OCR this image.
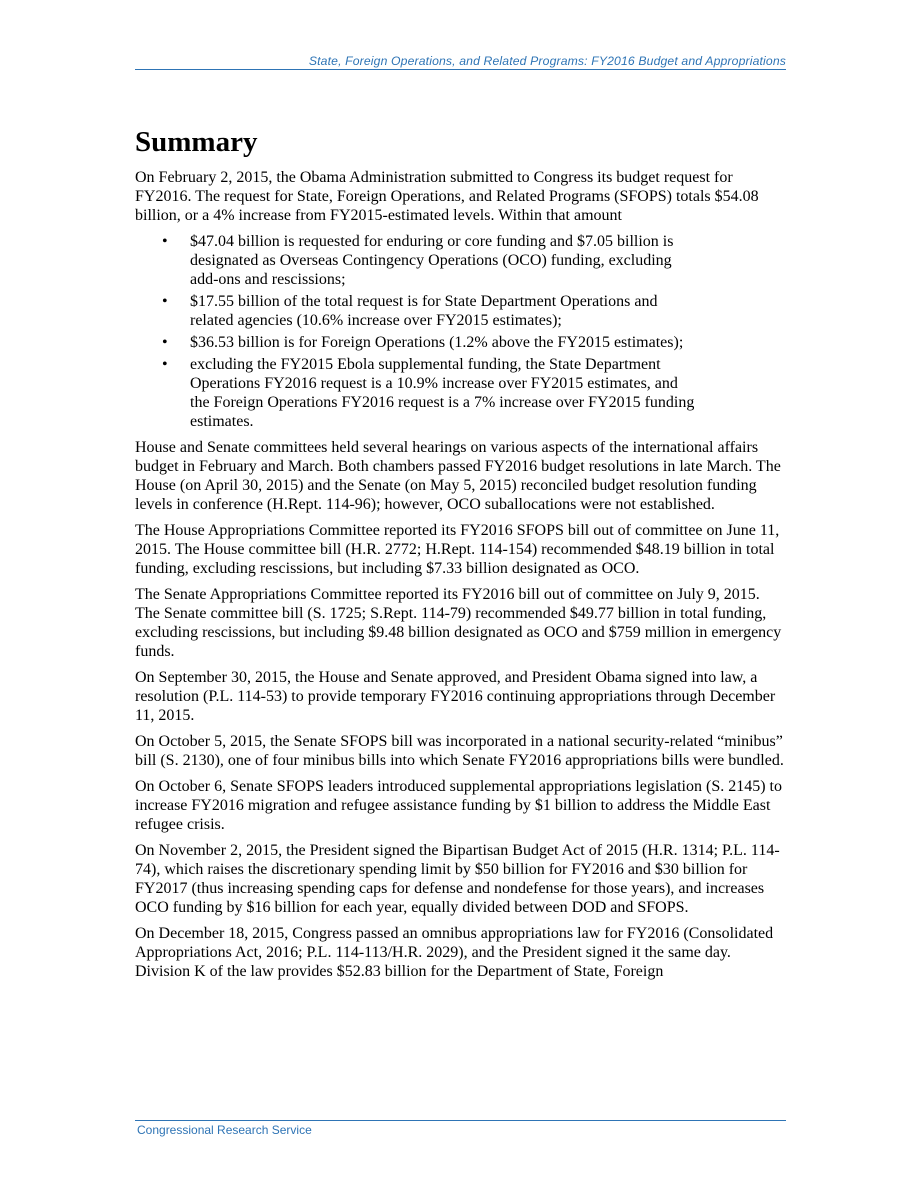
State, Foreign Operations, and Related Programs: FY2016 Budget and Appropriations
Summary

On February 2, 2015, the Obama Administration submitted to Congress its budget request for FY2016. The request for State, Foreign Operations, and Related Programs (SFOPS) totals $54.08 billion, or a 4% increase from FY2015-estimated levels. Within that amount

• $47.04 billion is requested for enduring or core funding and $7.05 billion is designated as Overseas Contingency Operations (OCO) funding, excluding add-ons and rescissions;
• $17.55 billion of the total request is for State Department Operations and related agencies (10.6% increase over FY2015 estimates);
• $36.53 billion is for Foreign Operations (1.2% above the FY2015 estimates);
• excluding the FY2015 Ebola supplemental funding, the State Department Operations FY2016 request is a 10.9% increase over FY2015 estimates, and the Foreign Operations FY2016 request is a 7% increase over FY2015 funding estimates.

House and Senate committees held several hearings on various aspects of the international affairs budget in February and March. Both chambers passed FY2016 budget resolutions in late March. The House (on April 30, 2015) and the Senate (on May 5, 2015) reconciled budget resolution funding levels in conference (H.Rept. 114-96); however, OCO suballocations were not established.

The House Appropriations Committee reported its FY2016 SFOPS bill out of committee on June 11, 2015. The House committee bill (H.R. 2772; H.Rept. 114-154) recommended $48.19 billion in total funding, excluding rescissions, but including $7.33 billion designated as OCO.

The Senate Appropriations Committee reported its FY2016 bill out of committee on July 9, 2015. The Senate committee bill (S. 1725; S.Rept. 114-79) recommended $49.77 billion in total funding, excluding rescissions, but including $9.48 billion designated as OCO and $759 million in emergency funds.

On September 30, 2015, the House and Senate approved, and President Obama signed into law, a resolution (P.L. 114-53) to provide temporary FY2016 continuing appropriations through December 11, 2015.

On October 5, 2015, the Senate SFOPS bill was incorporated in a national security-related “minibus” bill (S. 2130), one of four minibus bills into which Senate FY2016 appropriations bills were bundled.

On October 6, Senate SFOPS leaders introduced supplemental appropriations legislation (S. 2145) to increase FY2016 migration and refugee assistance funding by $1 billion to address the Middle East refugee crisis.

On November 2, 2015, the President signed the Bipartisan Budget Act of 2015 (H.R. 1314; P.L. 114-74), which raises the discretionary spending limit by $50 billion for FY2016 and $30 billion for FY2017 (thus increasing spending caps for defense and nondefense for those years), and increases OCO funding by $16 billion for each year, equally divided between DOD and SFOPS.

On December 18, 2015, Congress passed an omnibus appropriations law for FY2016 (Consolidated Appropriations Act, 2016; P.L. 114-113/H.R. 2029), and the President signed it the same day. Division K of the law provides $52.83 billion for the Department of State, Foreign

Congressional Research Service
